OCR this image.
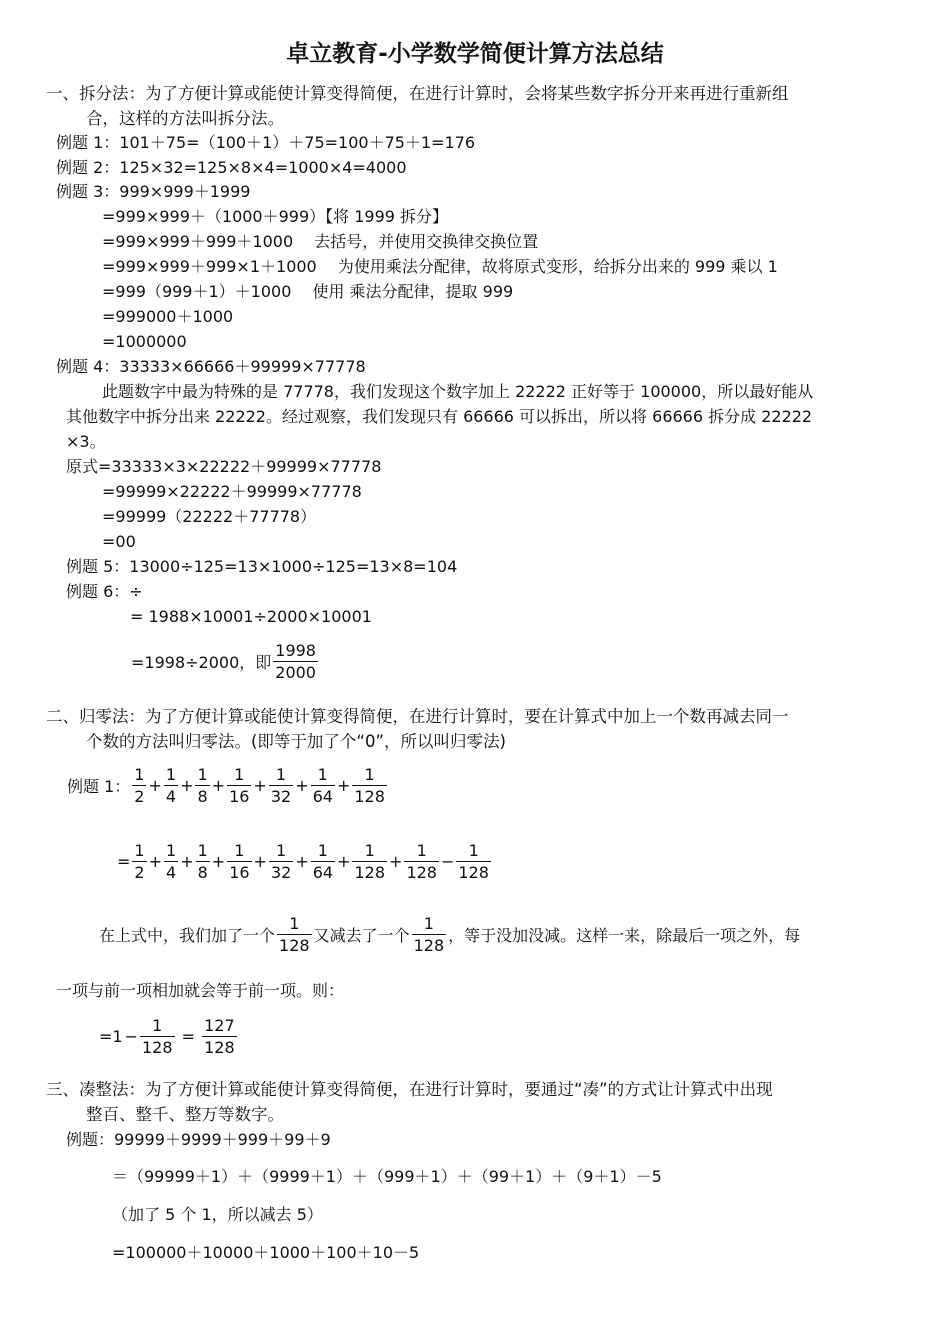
卓立教育-小学数学简便计算方法总结
一、拆分法：为了方便计算或能使计算变得简便，在进行计算时，会将某些数字拆分开来再进行重新组
合，这样的方法叫拆分法。
例题 1：101＋75=（100＋1）＋75=100＋75＋1=176
例题 2：125×32=125×8×4=1000×4=4000
例题 3：999×999＋1999
=999×999＋（1000＋999）【将 1999 拆分】
=999×999＋999＋1000　 去括号，并使用交换律交换位置
=999×999＋999×1＋1000　 为使用乘法分配律，故将原式变形，给拆分出来的 999 乘以 1
=999（999＋1）＋1000　 使用 乘法分配律，提取 999
=999000＋1000
=1000000
例题 4：33333×66666＋99999×77778
此题数字中最为特殊的是 77778，我们发现这个数字加上 22222 正好等于 100000，所以最好能从
其他数字中拆分出来 22222。经过观察，我们发现只有 66666 可以拆出，所以将 66666 拆分成 22222
×3。
原式=33333×3×22222＋99999×77778
=99999×22222＋99999×77778
=99999（22222＋77778）
=00
例题 5：13000÷125=13×1000÷125=13×8=104
例题 6：÷
= 1988×10001÷2000×10001
=1998÷2000，即 $\frac{1998}{2000}$
二、归零法：为了方便计算或能使计算变得简便，在进行计算时，要在计算式中加上一个数再减去同一
个数的方法叫归零法。(即等于加了个“0”，所以叫归零法)
例题 1： $\frac{1}{2} + \frac{1}{4} + \frac{1}{8} + \frac{1}{16} + \frac{1}{32} + \frac{1}{64} + \frac{1}{128}$
= $\frac{1}{2} + \frac{1}{4} + \frac{1}{8} + \frac{1}{16} + \frac{1}{32} + \frac{1}{64} + \frac{1}{128} + \frac{1}{128} - \frac{1}{128}$
在上式中，我们加了一个 $\frac{1}{128}$ 又减去了一个 $\frac{1}{128}$ ，等于没加没减。这样一来，除最后一项之外，每
一项与前一项相加就会等于前一项。则：
$=1 - \frac{1}{128} = \frac{127}{128}$
三、凑整法：为了方便计算或能使计算变得简便，在进行计算时，要通过“凑”的方式让计算式中出现
整百、整千、整万等数字。
例题：99999＋9999＋999＋99＋9
＝（99999＋1）＋（9999＋1）＋（999＋1）＋（99＋1）＋（9＋1）－5
（加了 5 个 1，所以减去 5）
=100000＋10000＋1000＋100＋10－5
